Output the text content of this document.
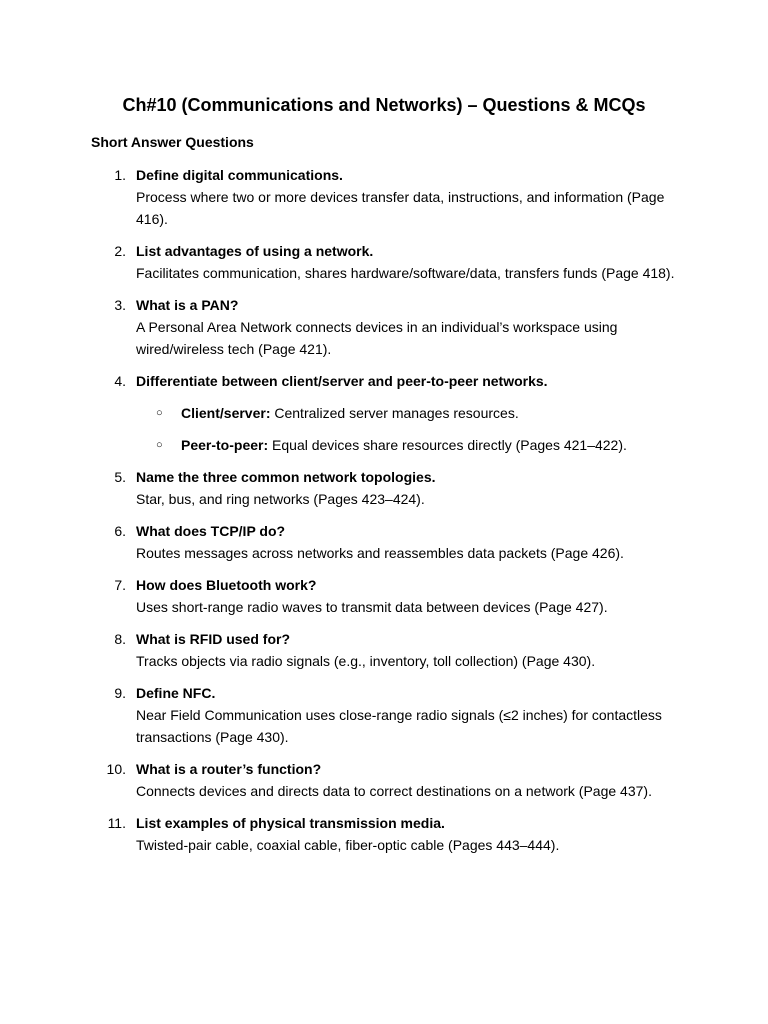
Ch#10 (Communications and Networks) – Questions & MCQs
Short Answer Questions
1. Define digital communications.
Process where two or more devices transfer data, instructions, and information (Page 416).
2. List advantages of using a network.
Facilitates communication, shares hardware/software/data, transfers funds (Page 418).
3. What is a PAN?
A Personal Area Network connects devices in an individual’s workspace using wired/wireless tech (Page 421).
4. Differentiate between client/server and peer-to-peer networks.
○ Client/server: Centralized server manages resources.
○ Peer-to-peer: Equal devices share resources directly (Pages 421–422).
5. Name the three common network topologies.
Star, bus, and ring networks (Pages 423–424).
6. What does TCP/IP do?
Routes messages across networks and reassembles data packets (Page 426).
7. How does Bluetooth work?
Uses short-range radio waves to transmit data between devices (Page 427).
8. What is RFID used for?
Tracks objects via radio signals (e.g., inventory, toll collection) (Page 430).
9. Define NFC.
Near Field Communication uses close-range radio signals (≤2 inches) for contactless transactions (Page 430).
10. What is a router’s function?
Connects devices and directs data to correct destinations on a network (Page 437).
11. List examples of physical transmission media.
Twisted-pair cable, coaxial cable, fiber-optic cable (Pages 443–444).
